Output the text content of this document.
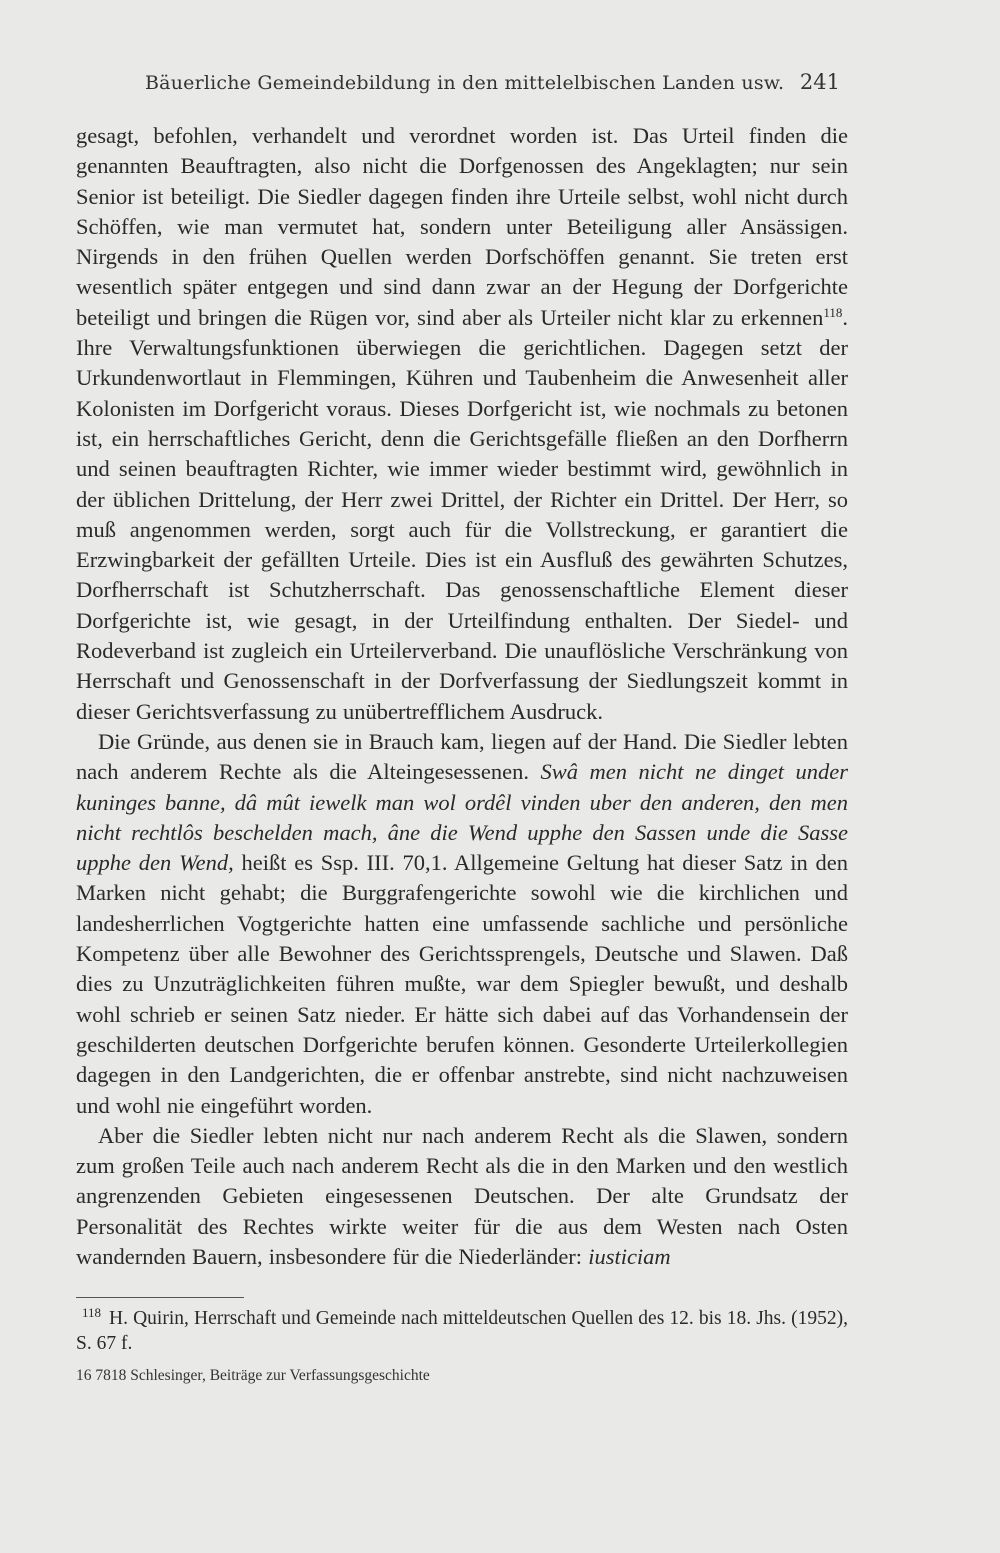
Bäuerliche Gemeindebildung in den mittelelbischen Landen usw. 241

gesagt, befohlen, verhandelt und verordnet worden ist. Das Urteil finden die genannten Beauftragten, also nicht die Dorfgenossen des Angeklagten; nur sein Senior ist beteiligt. Die Siedler dagegen finden ihre Urteile selbst, wohl nicht durch Schöffen, wie man vermutet hat, sondern unter Beteiligung aller Ansässigen. Nirgends in den frühen Quellen werden Dorfschöffen genannt. Sie treten erst wesentlich später entgegen und sind dann zwar an der Hegung der Dorfgerichte beteiligt und bringen die Rügen vor, sind aber als Urteiler nicht klar zu erkennen$^{118}$. Ihre Verwaltungsfunktionen überwiegen die gerichtlichen. Dagegen setzt der Urkundenwortlaut in Flemmingen, Kühren und Taubenheim die Anwesenheit aller Kolonisten im Dorfgericht voraus. Dieses Dorfgericht ist, wie nochmals zu betonen ist, ein herrschaftliches Gericht, denn die Gerichtsgefälle fließen an den Dorfherrn und seinen beauftragten Richter, wie immer wieder bestimmt wird, gewöhnlich in der üblichen Drittelung, der Herr zwei Drittel, der Richter ein Drittel. Der Herr, so muß angenommen werden, sorgt auch für die Vollstreckung, er garantiert die Erzwingbarkeit der gefällten Urteile. Dies ist ein Ausfluß des gewährten Schutzes, Dorfherrschaft ist Schutzherrschaft. Das genossenschaftliche Element dieser Dorfgerichte ist, wie gesagt, in der Urteilfindung enthalten. Der Siedel- und Rodeverband ist zugleich ein Urteilerverband. Die unauflösliche Verschränkung von Herrschaft und Genossenschaft in der Dorfverfassung der Siedlungszeit kommt in dieser Gerichtsverfassung zu unübertrefflichem Ausdruck.

Die Gründe, aus denen sie in Brauch kam, liegen auf der Hand. Die Siedler lebten nach anderem Rechte als die Alteingesessenen. Swâ men nicht ne dinget under kuninges banne, dâ mût iewelk man wol ordêl vinden uber den anderen, den men nicht rechtlôs beschelden mach, âne die Wend upphe den Sassen unde die Sasse upphe den Wend, heißt es Ssp. III. 70,1. Allgemeine Geltung hat dieser Satz in den Marken nicht gehabt; die Burggrafengerichte sowohl wie die kirchlichen und landesherrlichen Vogtgerichte hatten eine umfassende sachliche und persönliche Kompetenz über alle Bewohner des Gerichtssprengels, Deutsche und Slawen. Daß dies zu Unzuträglichkeiten führen mußte, war dem Spiegler bewußt, und deshalb wohl schrieb er seinen Satz nieder. Er hätte sich dabei auf das Vorhandensein der geschilderten deutschen Dorfgerichte berufen können. Gesonderte Urteilerkollegien dagegen in den Landgerichten, die er offenbar anstrebte, sind nicht nachzuweisen und wohl nie eingeführt worden.

Aber die Siedler lebten nicht nur nach anderem Recht als die Slawen, sondern zum großen Teile auch nach anderem Recht als die in den Marken und den westlich angrenzenden Gebieten eingesessenen Deutschen. Der alte Grundsatz der Personalität des Rechtes wirkte weiter für die aus dem Westen nach Osten wandernden Bauern, insbesondere für die Niederländer: iusticiam

$^{118}$ H. Quirin, Herrschaft und Gemeinde nach mitteldeutschen Quellen des 12. bis 18. Jhs. (1952), S. 67 f.
16 7818 Schlesinger, Beiträge zur Verfassungsgeschichte
